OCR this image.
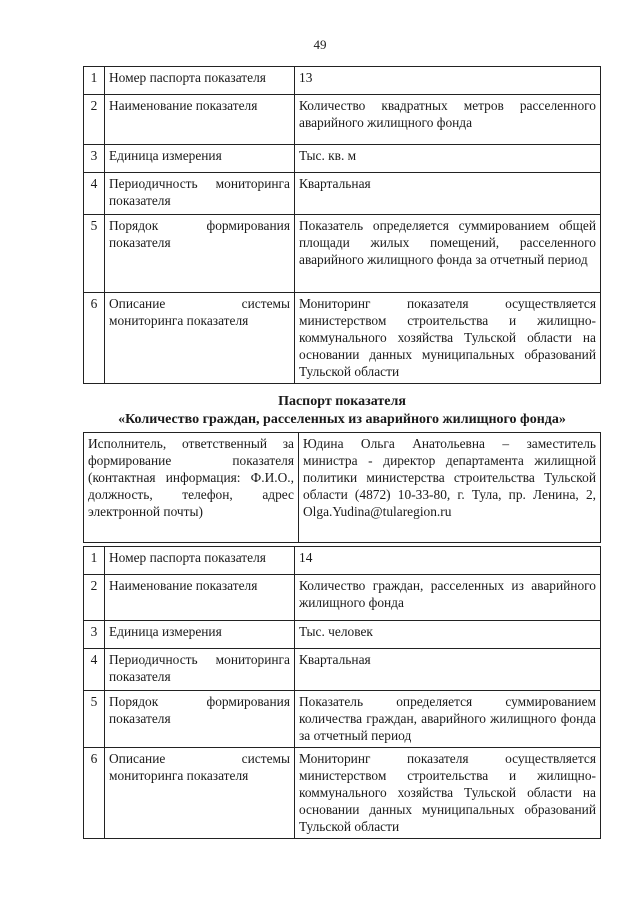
49
1	Номер паспорта показателя	13
2	Наименование показателя	Количество квадратных метров расселенного аварийного жилищного фонда
3	Единица измерения	Тыс. кв. м
4	Периодичность мониторинга показателя	Квартальная
5	Порядок формирования показателя	Показатель определяется суммированием общей площади жилых помещений, расселенного аварийного жилищного фонда за отчетный период
6	Описание системы мониторинга показателя	Мониторинг показателя осуществляется министерством строительства и жилищно-коммунального хозяйства Тульской области на основании данных муниципальных образований Тульской области
Паспорт показателя
«Количество граждан, расселенных из аварийного жилищного фонда»
Исполнитель, ответственный за формирование показателя (контактная информация: Ф.И.О., должность, телефон, адрес электронной почты)	Юдина Ольга Анатольевна – заместитель министра - директор департамента жилищной политики министерства строительства Тульской области (4872) 10-33-80, г. Тула, пр. Ленина, 2, Olga.Yudina@tularegion.ru
1	Номер паспорта показателя	14
2	Наименование показателя	Количество граждан, расселенных из аварийного жилищного фонда
3	Единица измерения	Тыс. человек
4	Периодичность мониторинга показателя	Квартальная
5	Порядок формирования показателя	Показатель определяется суммированием количества граждан, аварийного жилищного фонда за отчетный период
6	Описание системы мониторинга показателя	Мониторинг показателя осуществляется министерством строительства и жилищно-коммунального хозяйства Тульской области на основании данных муниципальных образований Тульской области
